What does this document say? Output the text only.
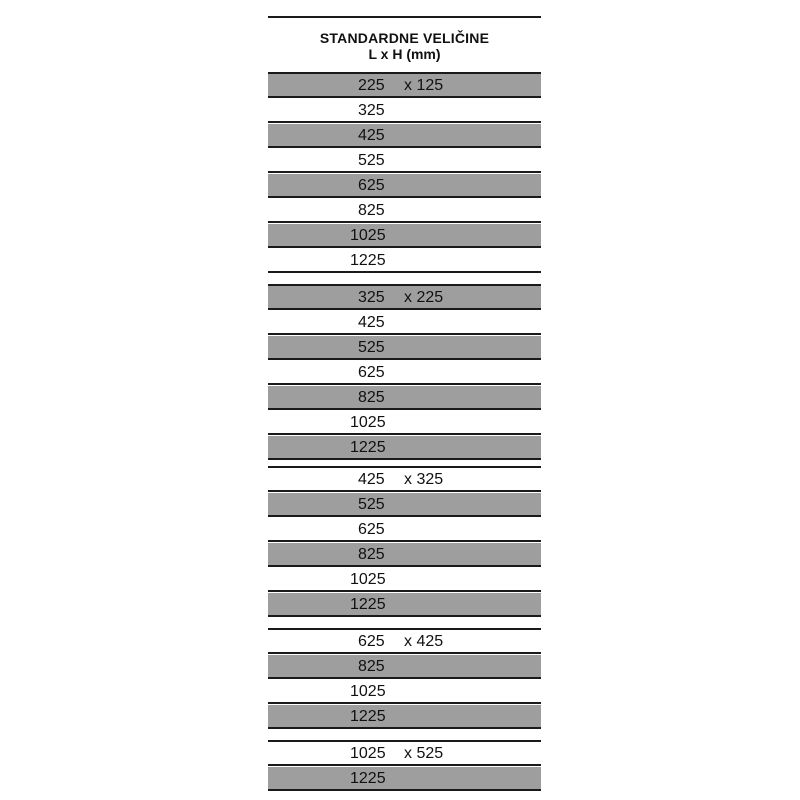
STANDARDNE VELIČINE
L x H (mm)
225 x 125
325
425
525
625
825
1025
1225
325 x 225
425
525
625
825
1025
1225
425 x 325
525
625
825
1025
1225
625 x 425
825
1025
1225
1025 x 525
1225
